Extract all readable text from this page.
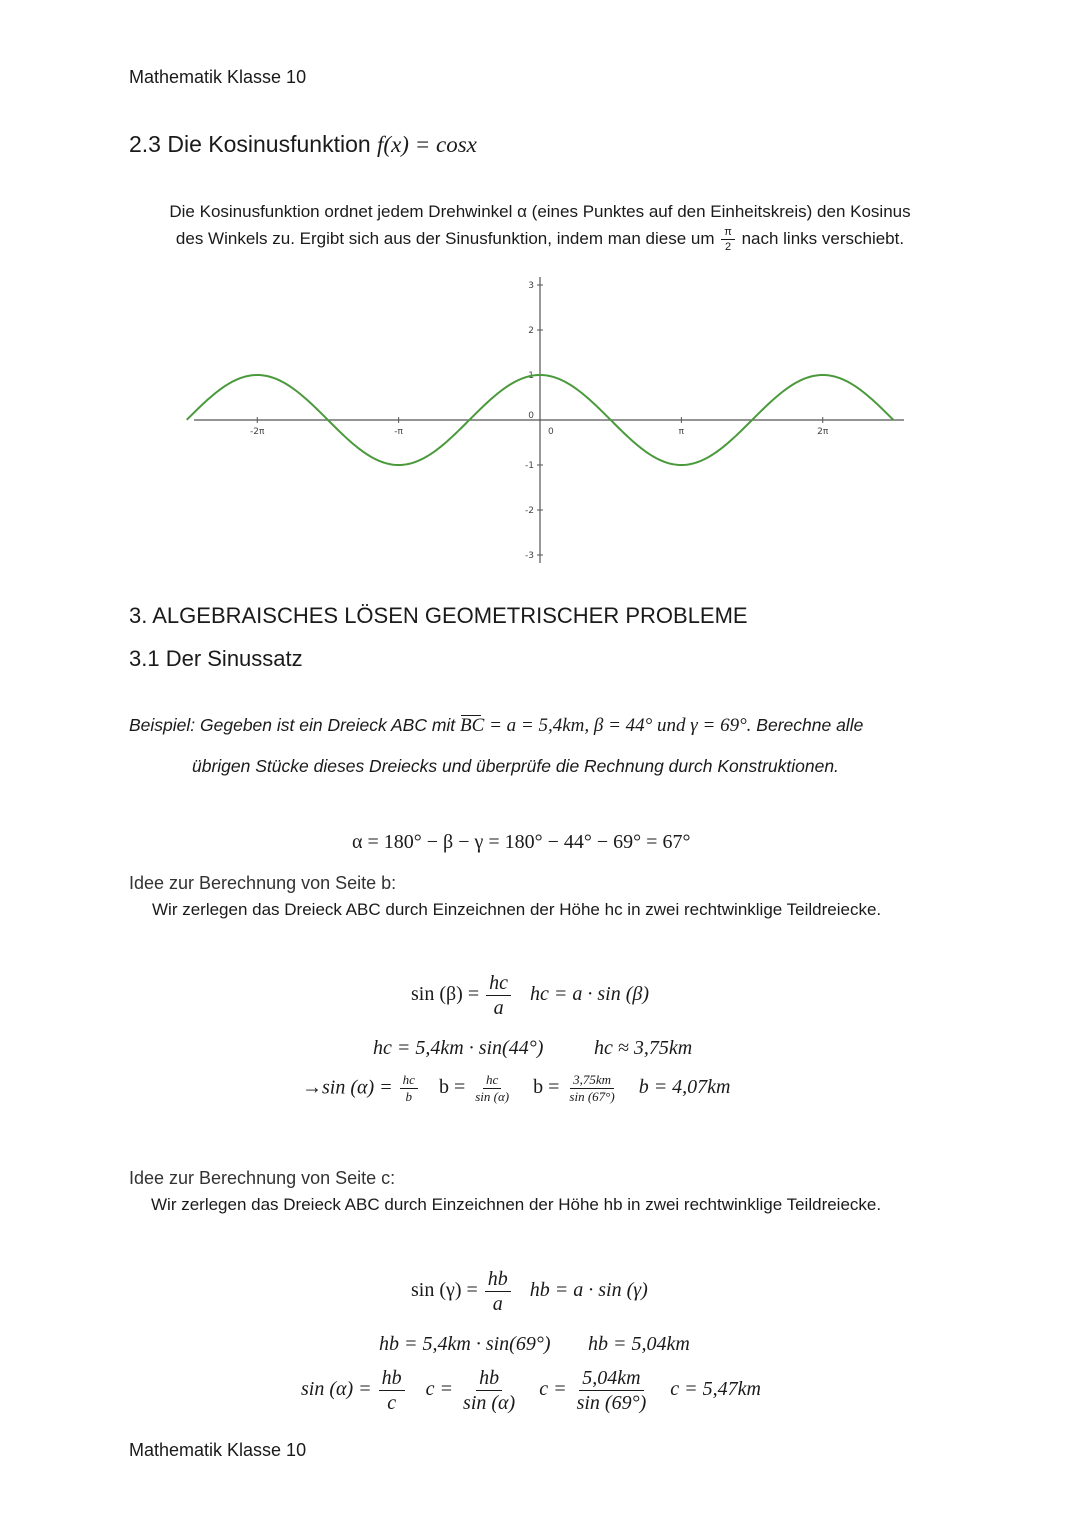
Mathematik Klasse 10
2.3 Die Kosinusfunktion f(x) = cosx
Die Kosinusfunktion ordnet jedem Drehwinkel α (eines Punktes auf den Einheitskreis) den Kosinus
des Winkels zu. Ergibt sich aus der Sinusfunktion, indem man diese um $\frac{\pi}{2}$ nach links verschiebt.
-2π	-π	0	π	2π
3
2
1
0
-1
-2
-3
3. ALGEBRAISCHES LÖSEN GEOMETRISCHER PROBLEME
3.1 Der Sinussatz
Beispiel: Gegeben ist ein Dreieck ABC mit BC = a = 5,4km, β = 44° und γ = 69°. Berechne alle
übrigen Stücke dieses Dreiecks und überprüfe die Rechnung durch Konstruktionen.
α = 180° − β − γ = 180° − 44° − 69° = 67°
Idee zur Berechnung von Seite b:
Wir zerlegen das Dreieck ABC durch Einzeichnen der Höhe hc in zwei rechtwinklige Teildreiecke.
$\sin (\beta) = \frac{hc}{a}$ hc = a · sin (β)
hc = 5,4km · sin(44°)	hc ≈ 3,75km
→sin $(\alpha) = \frac{hc}{b}$ $b = \frac{hc}{\sin (\alpha)}$ $b = \frac{3,75km}{\sin (67^\circ)}$ b = 4,07km
Idee zur Berechnung von Seite c:
Wir zerlegen das Dreieck ABC durch Einzeichnen der Höhe hb in zwei rechtwinklige Teildreiecke.
$\sin (\gamma) = \frac{hb}{a}$ hb = a · sin (γ)
hb = 5,4km · sin(69°) hb = 5,04km
$\sin (\alpha) = \frac{hb}{c}$ $c = \frac{hb}{\sin (\alpha)}$ $c = \frac{5,04km}{\sin (69^\circ)}$ c = 5,47km
Mathematik Klasse 10
